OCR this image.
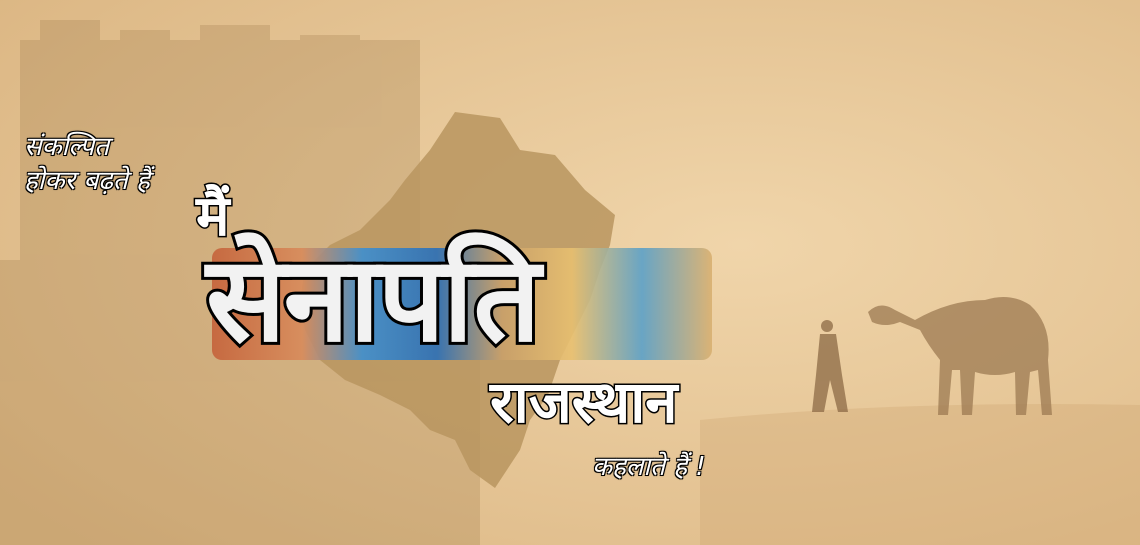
संकल्पित
होकर बढ़ते हैं
मैं
सेनापति
राजस्थान
कहलाते हैं !
